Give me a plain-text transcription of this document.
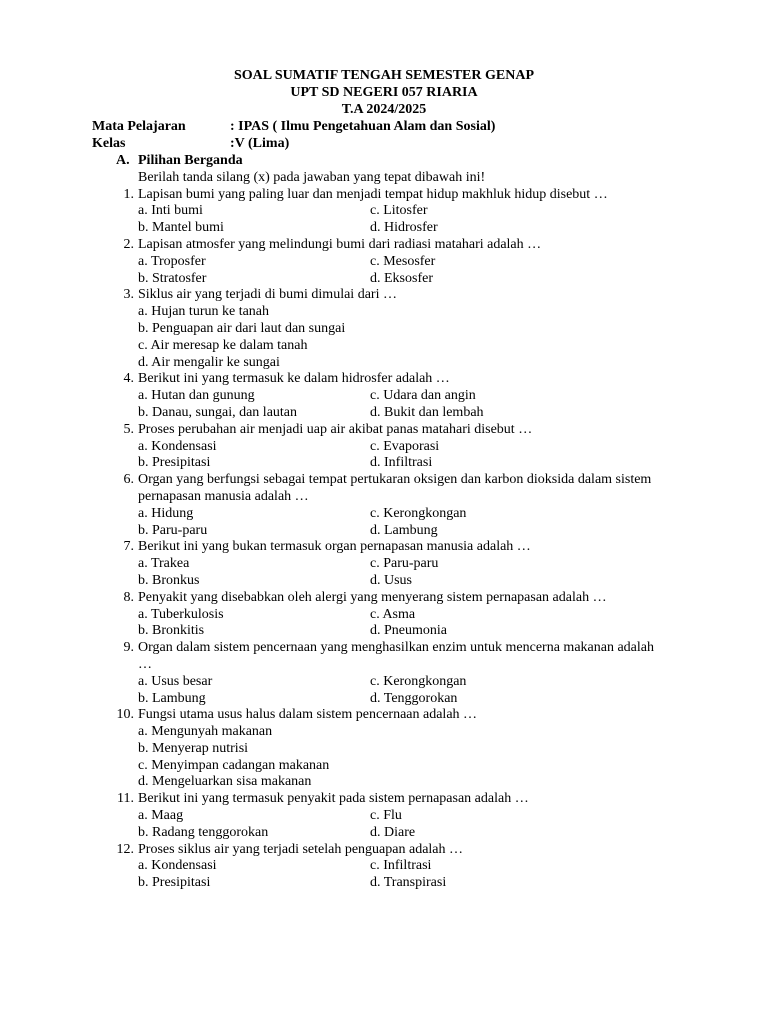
SOAL SUMATIF TENGAH SEMESTER GENAP
UPT SD NEGERI 057 RIARIA
T.A 2024/2025
Mata Pelajaran	: IPAS ( Ilmu Pengetahuan Alam dan Sosial)
Kelas	:V (Lima)
A. Pilihan Berganda
Berilah tanda silang (x) pada jawaban yang tepat dibawah ini!
1. Lapisan bumi yang paling luar dan menjadi tempat hidup makhluk hidup disebut …
a. Inti bumi	c. Litosfer
b. Mantel bumi	d. Hidrosfer
2. Lapisan atmosfer yang melindungi bumi dari radiasi matahari adalah …
a. Troposfer	c. Mesosfer
b. Stratosfer	d. Eksosfer
3. Siklus air yang terjadi di bumi dimulai dari …
a. Hujan turun ke tanah
b. Penguapan air dari laut dan sungai
c. Air meresap ke dalam tanah
d. Air mengalir ke sungai
4. Berikut ini yang termasuk ke dalam hidrosfer adalah …
a. Hutan dan gunung	c. Udara dan angin
b. Danau, sungai, dan lautan	d. Bukit dan lembah
5. Proses perubahan air menjadi uap air akibat panas matahari disebut …
a. Kondensasi	c. Evaporasi
b. Presipitasi	d. Infiltrasi
6. Organ yang berfungsi sebagai tempat pertukaran oksigen dan karbon dioksida dalam sistem pernapasan manusia adalah …
a. Hidung	c. Kerongkongan
b. Paru-paru	d. Lambung
7. Berikut ini yang bukan termasuk organ pernapasan manusia adalah …
a. Trakea	c. Paru-paru
b. Bronkus	d. Usus
8. Penyakit yang disebabkan oleh alergi yang menyerang sistem pernapasan adalah …
a. Tuberkulosis	c. Asma
b. Bronkitis	d. Pneumonia
9. Organ dalam sistem pencernaan yang menghasilkan enzim untuk mencerna makanan adalah …
a. Usus besar	c. Kerongkongan
b. Lambung	d. Tenggorokan
10. Fungsi utama usus halus dalam sistem pencernaan adalah …
a. Mengunyah makanan
b. Menyerap nutrisi
c. Menyimpan cadangan makanan
d. Mengeluarkan sisa makanan
11. Berikut ini yang termasuk penyakit pada sistem pernapasan adalah …
a. Maag	c. Flu
b. Radang tenggorokan	d. Diare
12. Proses siklus air yang terjadi setelah penguapan adalah …
a. Kondensasi	c. Infiltrasi
b. Presipitasi	d. Transpirasi
